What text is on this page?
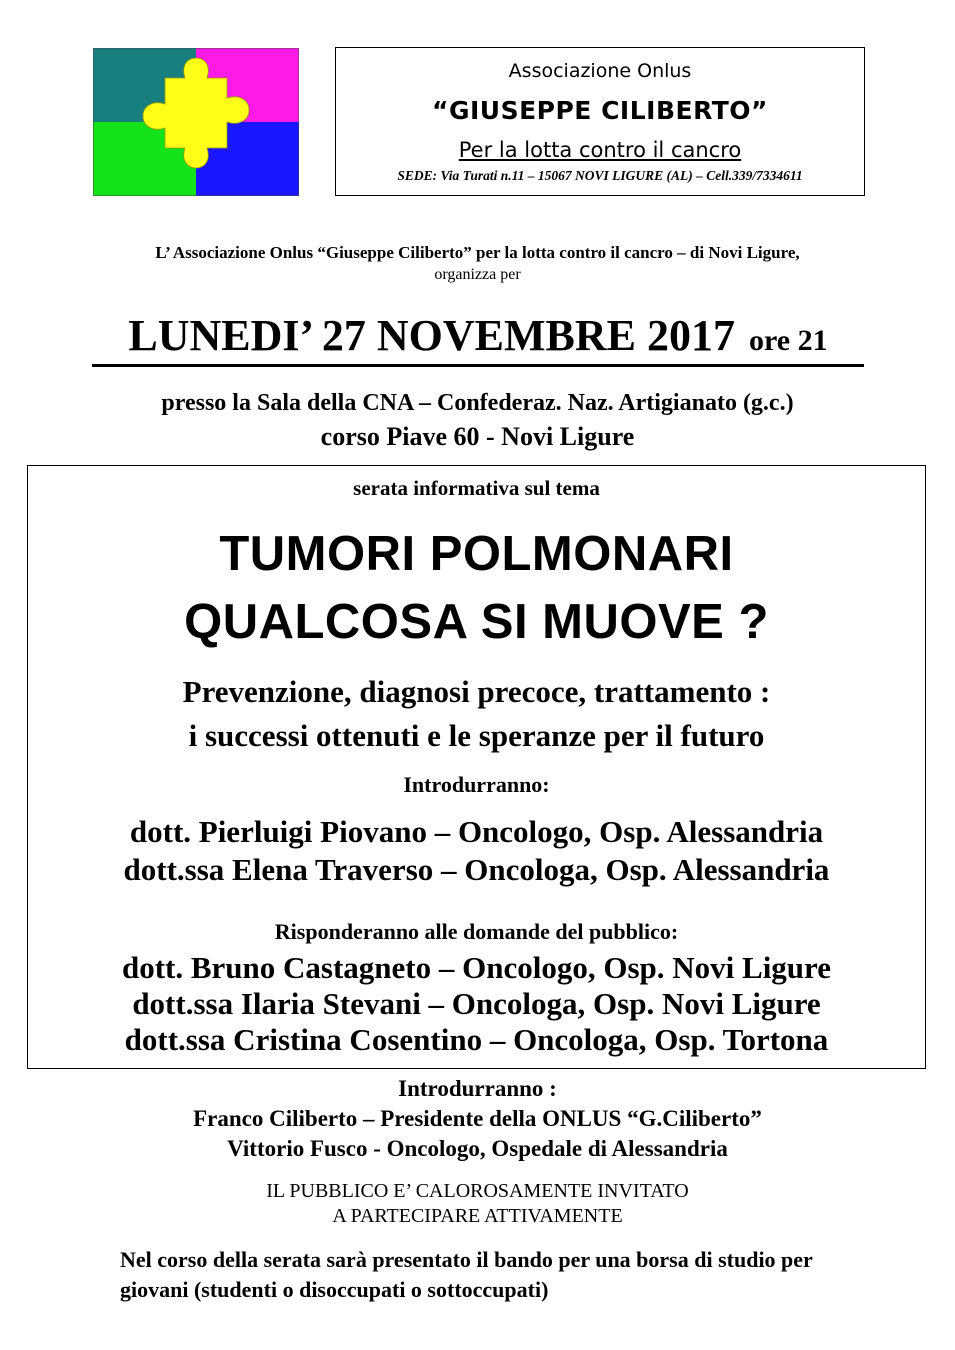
Associazione Onlus
“GIUSEPPE CILIBERTO”
Per la lotta contro il cancro
SEDE: Via Turati n.11 – 15067 NOVI LIGURE (AL) – Cell.339/7334611
L’ Associazione Onlus “Giuseppe Ciliberto” per la lotta contro il cancro – di Novi Ligure,
organizza per
LUNEDI’ 27 NOVEMBRE 2017 ore 21
presso la Sala della CNA – Confederaz. Naz. Artigianato (g.c.)
corso Piave 60 - Novi Ligure
serata informativa sul tema
TUMORI POLMONARI
QUALCOSA SI MUOVE ?
Prevenzione, diagnosi precoce, trattamento :
i successi ottenuti e le speranze per il futuro
Introdurranno:
dott. Pierluigi Piovano – Oncologo, Osp. Alessandria
dott.ssa Elena Traverso – Oncologa, Osp. Alessandria
Risponderanno alle domande del pubblico:
dott. Bruno Castagneto – Oncologo, Osp. Novi Ligure
dott.ssa Ilaria Stevani – Oncologa, Osp. Novi Ligure
dott.ssa Cristina Cosentino – Oncologa, Osp. Tortona
Introdurranno :
Franco Ciliberto – Presidente della ONLUS “G.Ciliberto”
Vittorio Fusco - Oncologo, Ospedale di Alessandria
IL PUBBLICO E’ CALOROSAMENTE INVITATO
A PARTECIPARE ATTIVAMENTE
Nel corso della serata sarà presentato il bando per una borsa di studio per giovani (studenti o disoccupati o sottoccupati)
